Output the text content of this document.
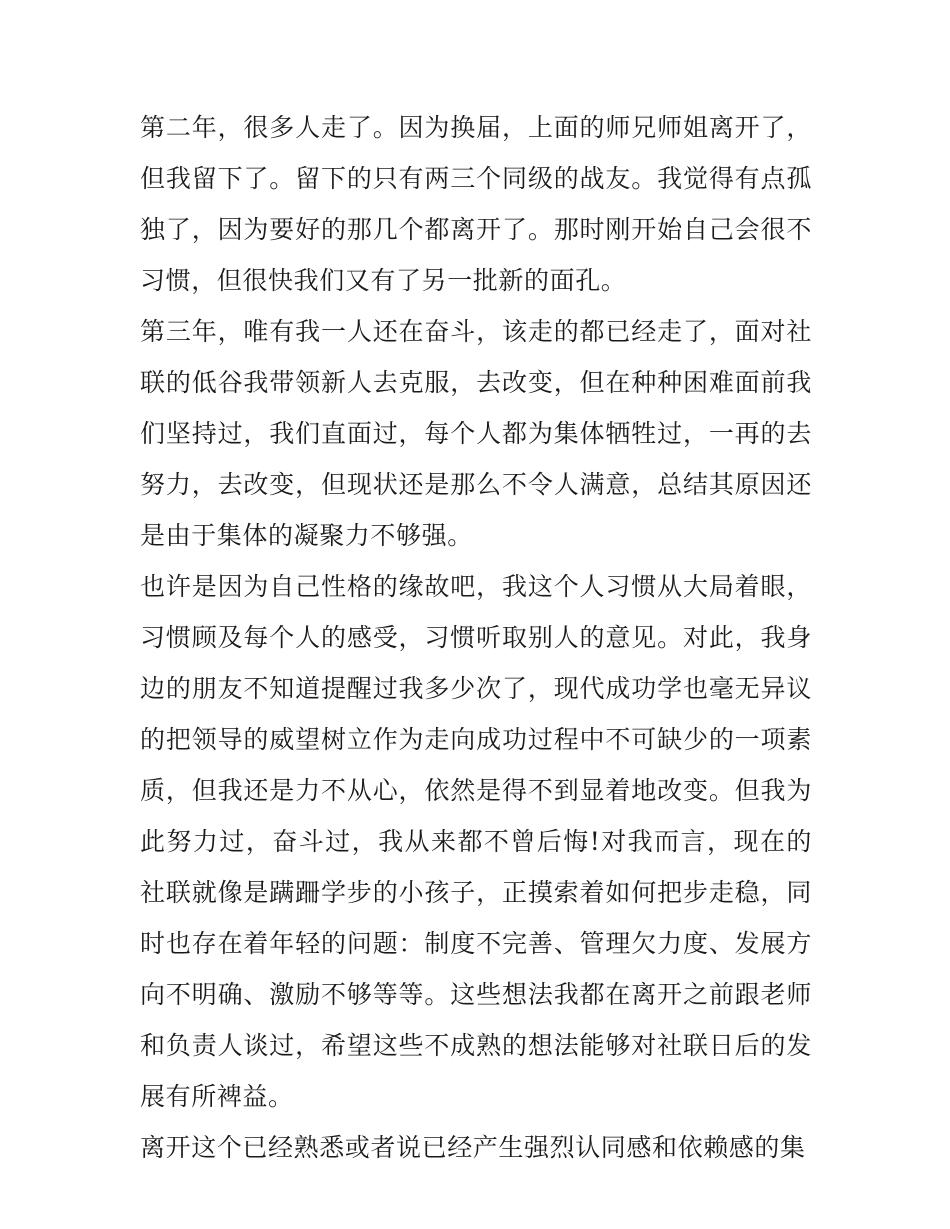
第二年，很多人走了。因为换届，上面的师兄师姐离开了，但我留下了。留下的只有两三个同级的战友。我觉得有点孤独了，因为要好的那几个都离开了。那时刚开始自己会很不习惯，但很快我们又有了另一批新的面孔。

第三年，唯有我一人还在奋斗，该走的都已经走了，面对社联的低谷我带领新人去克服，去改变，但在种种困难面前我们坚持过，我们直面过，每个人都为集体牺牲过，一再的去努力，去改变，但现状还是那么不令人满意，总结其原因还是由于集体的凝聚力不够强。

也许是因为自己性格的缘故吧，我这个人习惯从大局着眼，习惯顾及每个人的感受，习惯听取别人的意见。对此，我身边的朋友不知道提醒过我多少次了，现代成功学也毫无异议的把领导的威望树立作为走向成功过程中不可缺少的一项素质，但我还是力不从心，依然是得不到显着地改变。但我为此努力过，奋斗过，我从来都不曾后悔!对我而言，现在的社联就像是蹒跚学步的小孩子，正摸索着如何把步走稳，同时也存在着年轻的问题：制度不完善、管理欠力度、发展方向不明确、激励不够等等。这些想法我都在离开之前跟老师和负责人谈过，希望这些不成熟的想法能够对社联日后的发展有所裨益。

离开这个已经熟悉或者说已经产生强烈认同感和依赖感的集
